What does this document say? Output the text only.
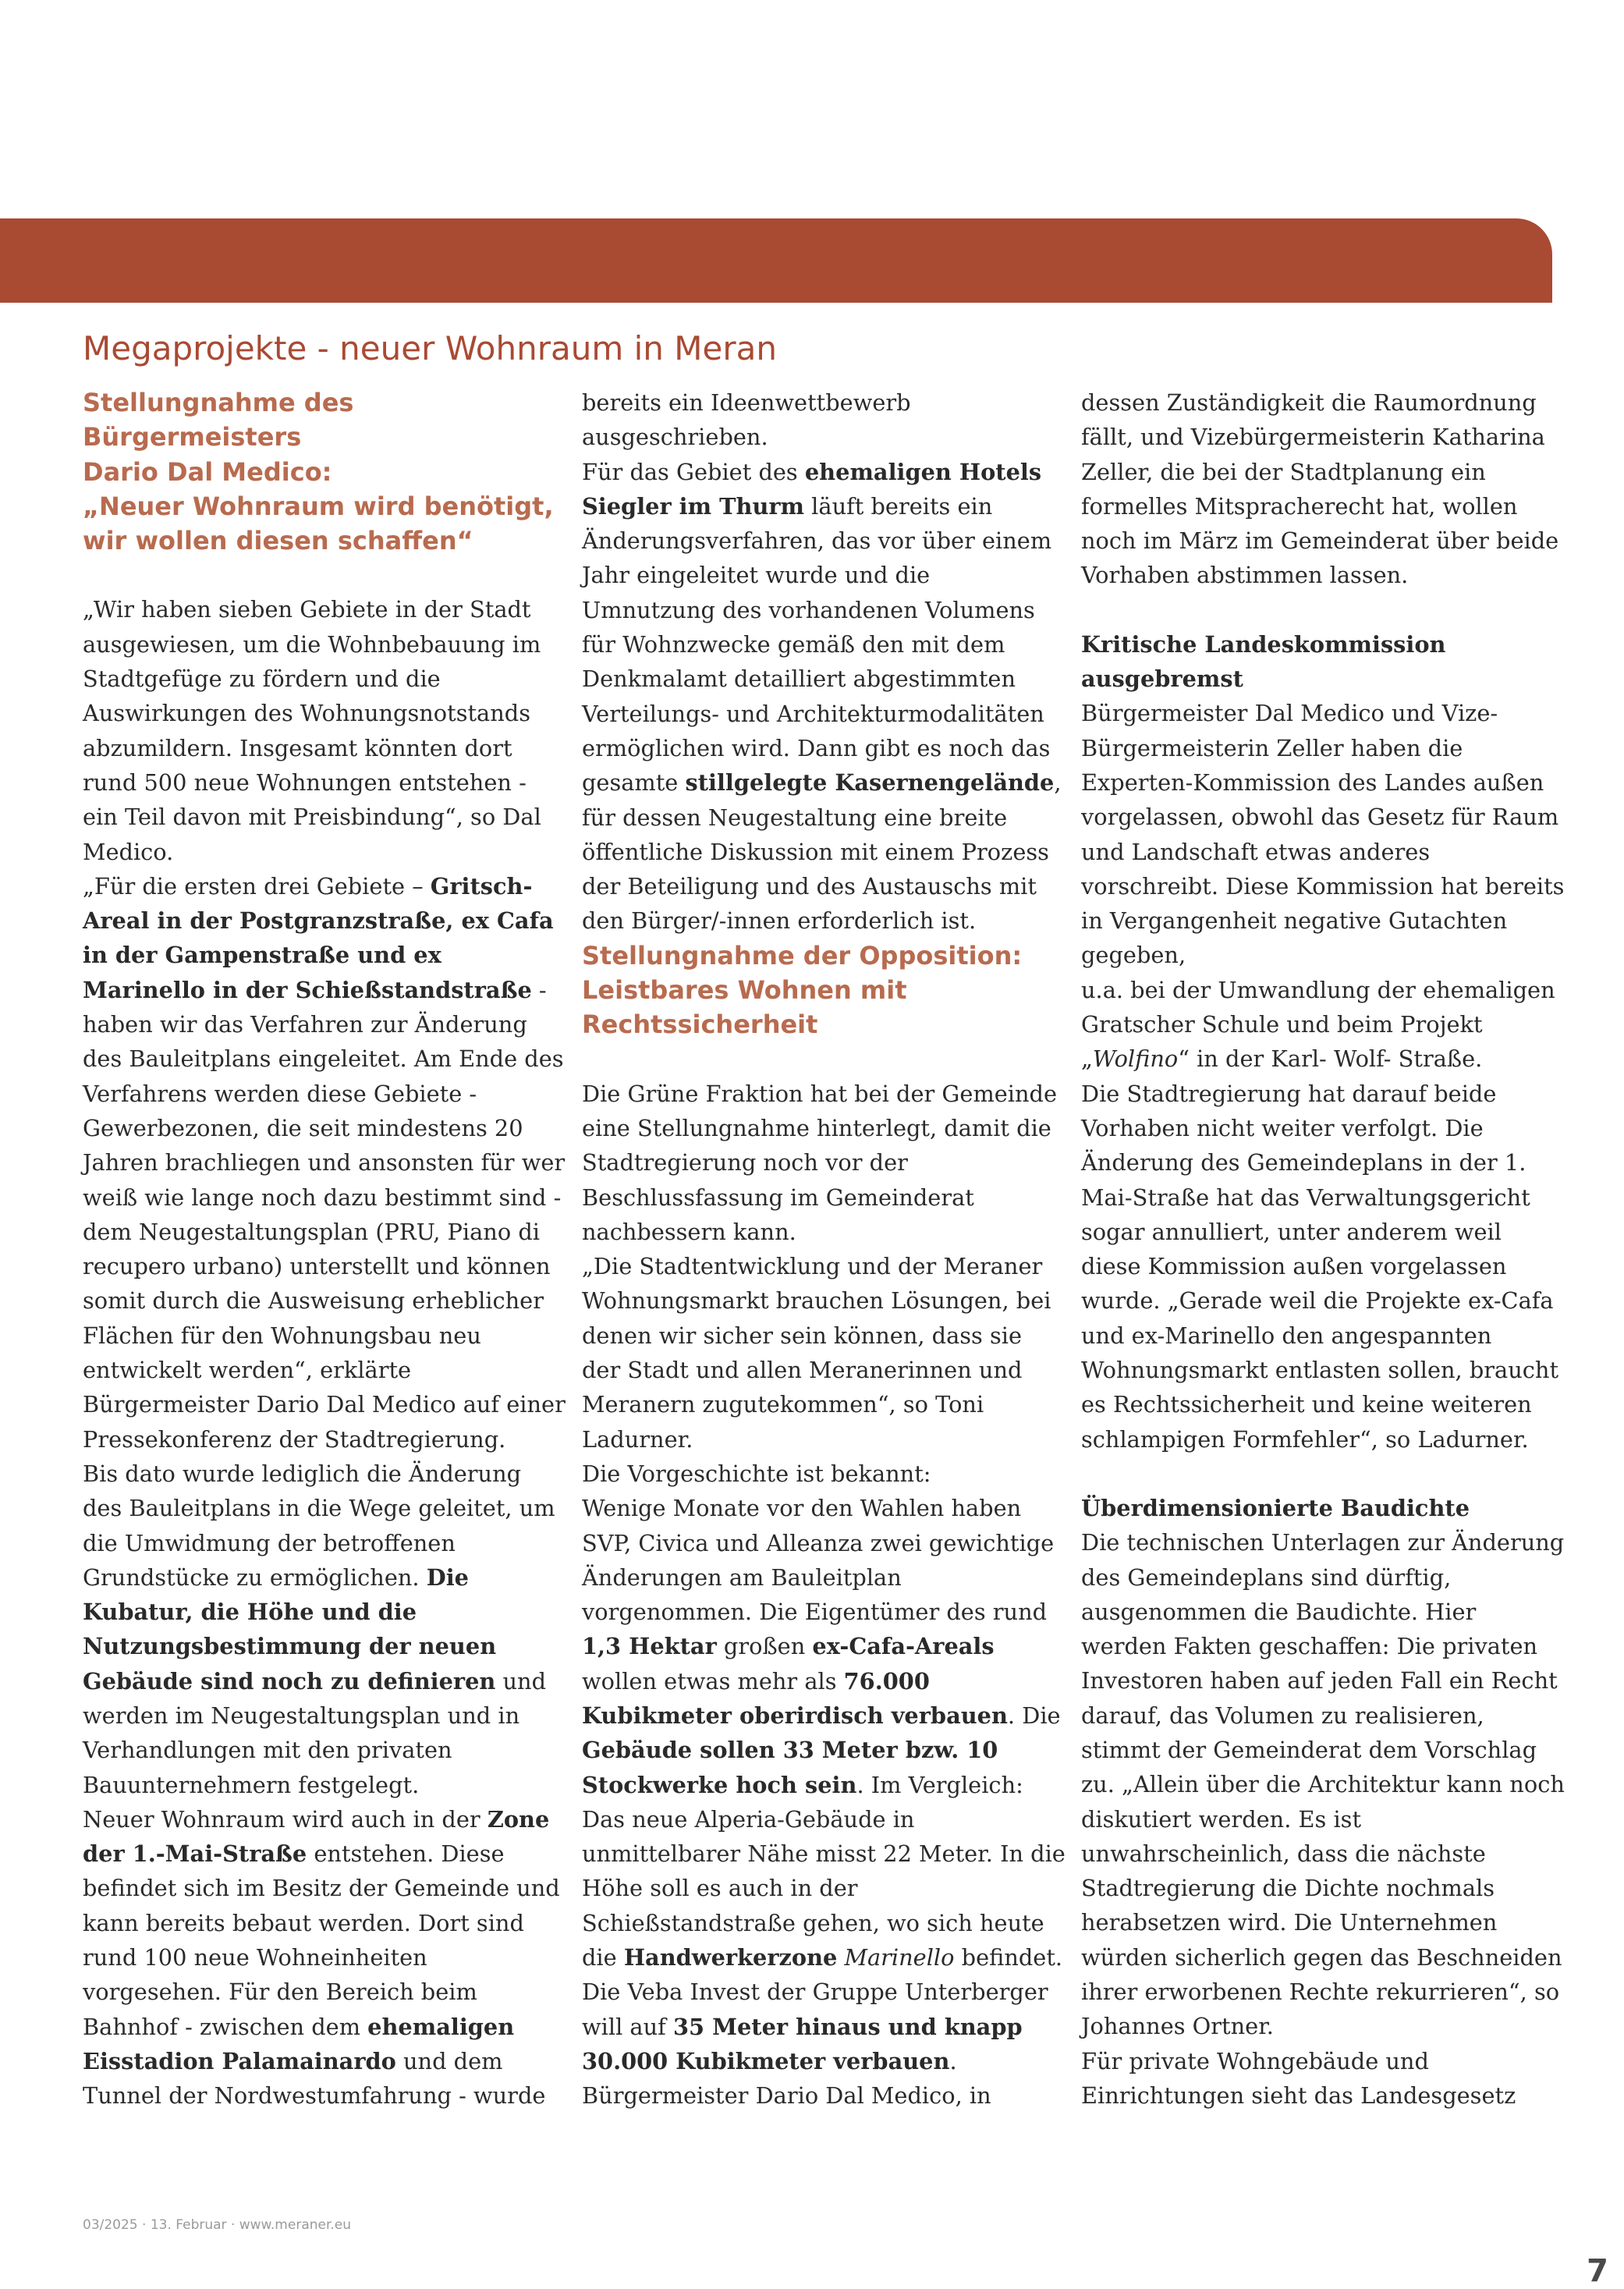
Megaprojekte - neuer Wohnraum in Meran
Stellungnahme des Bürgermeisters
Dario Dal Medico:
„Neuer Wohnraum wird benötigt,
wir wollen diesen schaffen“

„Wir haben sieben Gebiete in der Stadt ausgewiesen, um die Wohnbebauung im Stadtgefüge zu fördern und die Auswirkungen des Wohnungsnotstands abzumildern. Insgesamt könnten dort rund 500 neue Wohnungen entstehen - ein Teil davon mit Preisbindung“, so Dal Medico.

„Für die ersten drei Gebiete – Gritsch-Areal in der Postgranzstraße, ex Cafa in der Gampenstraße und ex Marinello in der Schießstandstraße - haben wir das Verfahren zur Änderung des Bauleitplans eingeleitet. Am Ende des Verfahrens werden diese Gebiete - Gewerbezonen, die seit mindestens 20 Jahren brachliegen und ansonsten für wer weiß wie lange noch dazu bestimmt sind - dem Neugestaltungsplan (PRU, Piano di recupero urbano) unterstellt und können somit durch die Ausweisung erheblicher Flächen für den Wohnungsbau neu entwickelt werden“, erklärte Bürgermeister Dario Dal Medico auf einer Pressekonferenz der Stadtregierung.

Bis dato wurde lediglich die Änderung des Bauleitplans in die Wege geleitet, um die Umwidmung der betroffenen Grundstücke zu ermöglichen. Die Kubatur, die Höhe und die Nutzungsbestimmung der neuen Gebäude sind noch zu definieren und werden im Neugestaltungsplan und in Verhandlungen mit den privaten Bauunternehmern festgelegt.

Neuer Wohnraum wird auch in der Zone der 1.-Mai-Straße entstehen. Diese befindet sich im Besitz der Gemeinde und kann bereits bebaut werden. Dort sind rund 100 neue Wohneinheiten vorgesehen. Für den Bereich beim Bahnhof - zwischen dem ehemaligen Eisstadion Palamainardo und dem Tunnel der Nordwestumfahrung - wurde

bereits ein Ideenwettbewerb ausgeschrieben.

Für das Gebiet des ehemaligen Hotels Siegler im Thurm läuft bereits ein Änderungsverfahren, das vor über einem Jahr eingeleitet wurde und die Umnutzung des vorhandenen Volumens für Wohnzwecke gemäß den mit dem Denkmalamt detailliert abgestimmten Verteilungs- und Architekturmodalitäten ermöglichen wird. Dann gibt es noch das gesamte stillgelegte Kasernengelände, für dessen Neugestaltung eine breite öffentliche Diskussion mit einem Prozess der Beteiligung und des Austauschs mit den Bürger/-innen erforderlich ist.

Stellungnahme der Opposition:
Leistbares Wohnen mit
Rechtssicherheit

Die Grüne Fraktion hat bei der Gemeinde eine Stellungnahme hinterlegt, damit die Stadtregierung noch vor der Beschlussfassung im Gemeinderat nachbessern kann.

„Die Stadtentwicklung und der Meraner Wohnungsmarkt brauchen Lösungen, bei denen wir sicher sein können, dass sie der Stadt und allen Meranerinnen und Meranern zugutekommen“, so Toni Ladurner.

Die Vorgeschichte ist bekannt:

Wenige Monate vor den Wahlen haben SVP, Civica und Alleanza zwei gewichtige Änderungen am Bauleitplan vorgenommen. Die Eigentümer des rund 1,3 Hektar großen ex-Cafa-Areals wollen etwas mehr als 76.000 Kubikmeter oberirdisch verbauen. Die Gebäude sollen 33 Meter bzw. 10 Stockwerke hoch sein. Im Vergleich: Das neue Alperia-Gebäude in unmittelbarer Nähe misst 22 Meter. In die Höhe soll es auch in der Schießstandstraße gehen, wo sich heute die Handwerkerzone Marinello befindet. Die Veba Invest der Gruppe Unterberger will auf 35 Meter hinaus und knapp 30.000 Kubikmeter verbauen. Bürgermeister Dario Dal Medico, in

dessen Zuständigkeit die Raumordnung fällt, und Vizebürgermeisterin Katharina Zeller, die bei der Stadtplanung ein formelles Mitspracherecht hat, wollen noch im März im Gemeinderat über beide Vorhaben abstimmen lassen.

Kritische Landeskommission ausgebremst

Bürgermeister Dal Medico und Vize-Bürgermeisterin Zeller haben die Experten-Kommission des Landes außen vorgelassen, obwohl das Gesetz für Raum und Landschaft etwas anderes vorschreibt. Diese Kommission hat bereits in Vergangenheit negative Gutachten gegeben,

u.a. bei der Umwandlung der ehemaligen Gratscher Schule und beim Projekt „Wolfino“ in der Karl- Wolf- Straße.

Die Stadtregierung hat darauf beide Vorhaben nicht weiter verfolgt. Die Änderung des Gemeindeplans in der 1. Mai-Straße hat das Verwaltungsgericht sogar annulliert, unter anderem weil diese Kommission außen vorgelassen wurde. „Gerade weil die Projekte ex-Cafa und ex-Marinello den angespannten Wohnungsmarkt entlasten sollen, braucht es Rechtssicherheit und keine weiteren schlampigen Formfehler“, so Ladurner.

Überdimensionierte Baudichte

Die technischen Unterlagen zur Änderung des Gemeindeplans sind dürftig, ausgenommen die Baudichte. Hier werden Fakten geschaffen: Die privaten Investoren haben auf jeden Fall ein Recht darauf, das Volumen zu realisieren, stimmt der Gemeinderat dem Vorschlag zu. „Allein über die Architektur kann noch diskutiert werden. Es ist unwahrscheinlich, dass die nächste Stadtregierung die Dichte nochmals herabsetzen wird. Die Unternehmen würden sicherlich gegen das Beschneiden ihrer erworbenen Rechte rekurrieren“, so Johannes Ortner.

Für private Wohngebäude und Einrichtungen sieht das Landesgesetz

03/2025 · 13. Februar · www.meraner.eu
7
